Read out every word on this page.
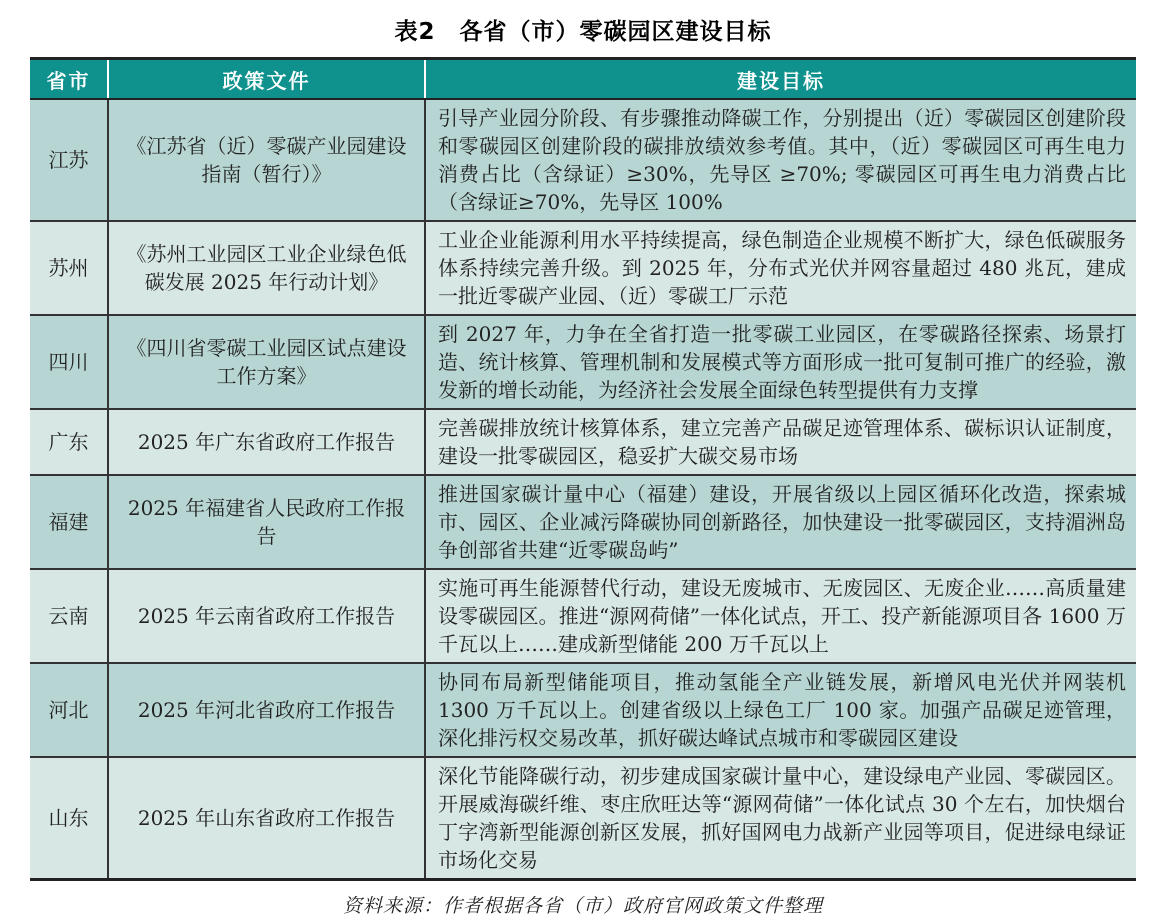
表2　各省（市）零碳园区建设目标
省市	政策文件	建设目标
江苏	《江苏省（近）零碳产业园建设指南（暂行）》	引导产业园分阶段、有步骤推动降碳工作，分别提出（近）零碳园区创建阶段和零碳园区创建阶段的碳排放绩效参考值。其中，（近）零碳园区可再生电力消费占比（含绿证）≥30%，先导区 ≥70%; 零碳园区可再生电力消费占比（含绿证≥70%，先导区 100%
苏州	《苏州工业园区工业企业绿色低碳发展 2025 年行动计划》	工业企业能源利用水平持续提高，绿色制造企业规模不断扩大，绿色低碳服务体系持续完善升级。到 2025 年，分布式光伏并网容量超过 480 兆瓦，建成一批近零碳产业园、（近）零碳工厂示范
四川	《四川省零碳工业园区试点建设工作方案》	到 2027 年，力争在全省打造一批零碳工业园区，在零碳路径探索、场景打造、统计核算、管理机制和发展模式等方面形成一批可复制可推广的经验，激发新的增长动能，为经济社会发展全面绿色转型提供有力支撑
广东	2025 年广东省政府工作报告	完善碳排放统计核算体系，建立完善产品碳足迹管理体系、碳标识认证制度，建设一批零碳园区，稳妥扩大碳交易市场
福建	2025 年福建省人民政府工作报告	推进国家碳计量中心（福建）建设，开展省级以上园区循环化改造，探索城市、园区、企业减污降碳协同创新路径，加快建设一批零碳园区，支持湄洲岛争创部省共建“近零碳岛屿”
云南	2025 年云南省政府工作报告	实施可再生能源替代行动，建设无废城市、无废园区、无废企业……高质量建设零碳园区。推进“源网荷储”一体化试点，开工、投产新能源项目各 1600 万千瓦以上……建成新型储能 200 万千瓦以上
河北	2025 年河北省政府工作报告	协同布局新型储能项目，推动氢能全产业链发展，新增风电光伏并网装机 1300 万千瓦以上。创建省级以上绿色工厂 100 家。加强产品碳足迹管理，深化排污权交易改革，抓好碳达峰试点城市和零碳园区建设
山东	2025 年山东省政府工作报告	深化节能降碳行动，初步建成国家碳计量中心，建设绿电产业园、零碳园区。开展威海碳纤维、枣庄欣旺达等“源网荷储”一体化试点 30 个左右，加快烟台丁字湾新型能源创新区发展，抓好国网电力战新产业园等项目，促进绿电绿证市场化交易
资料来源：作者根据各省（市）政府官网政策文件整理
